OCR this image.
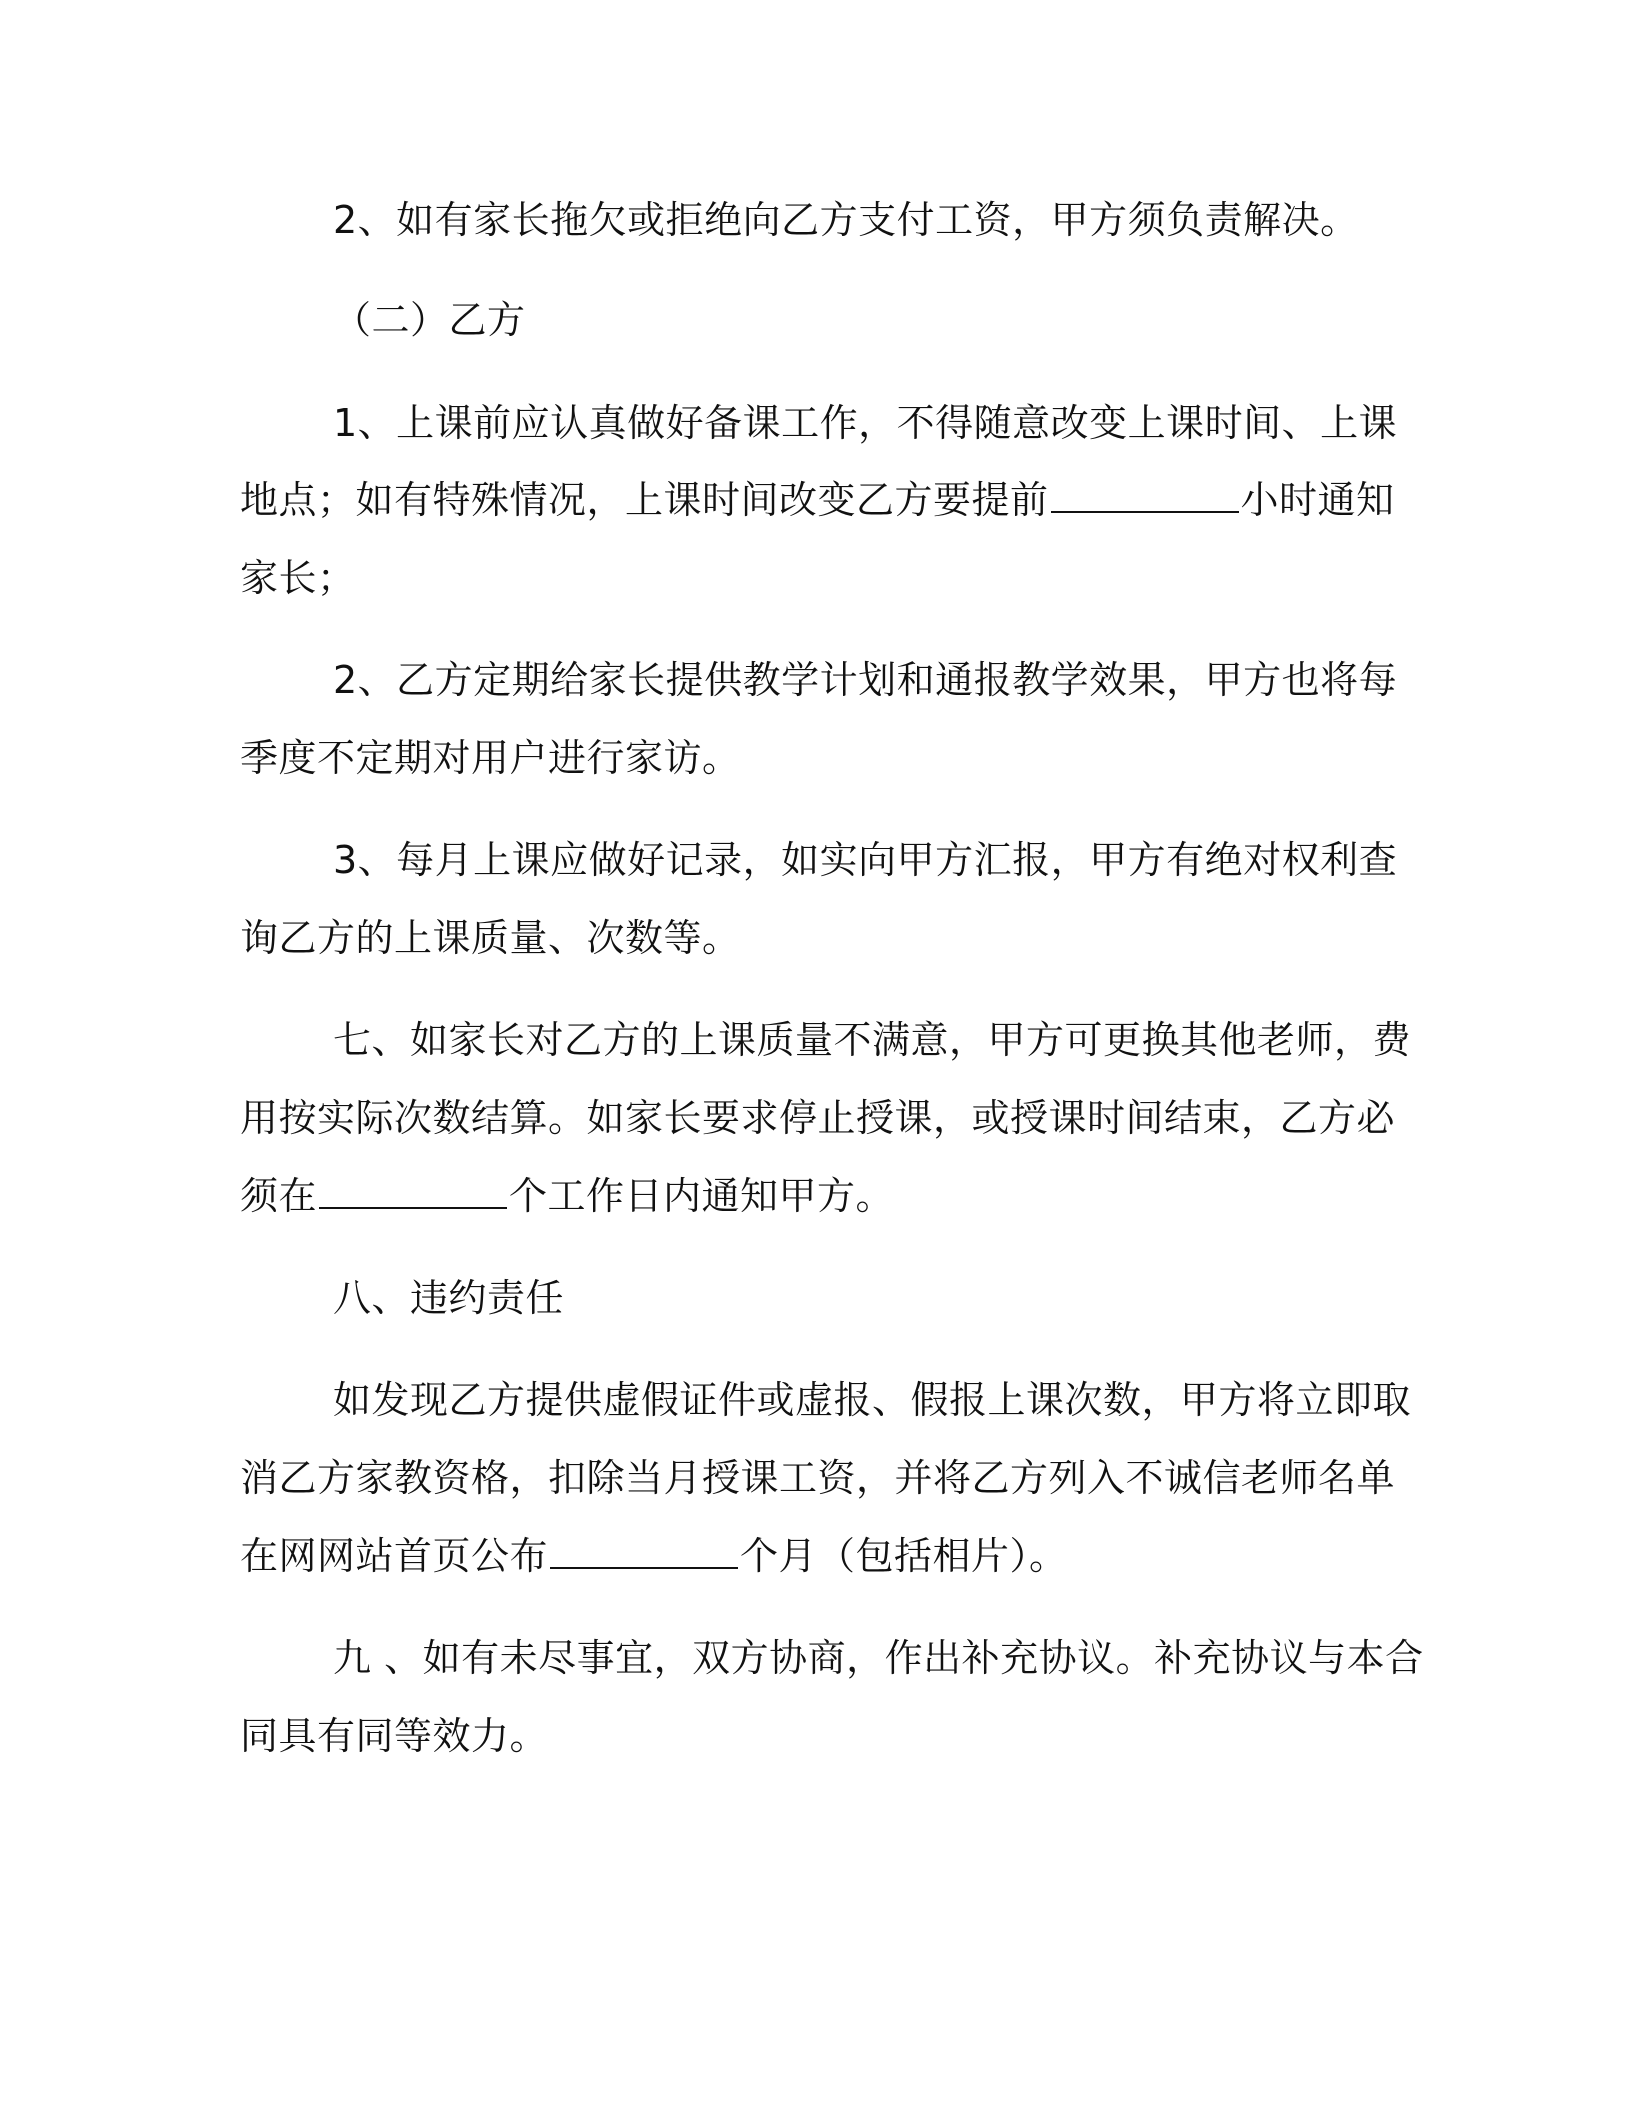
2、如有家长拖欠或拒绝向乙方支付工资，甲方须负责解决。
（二）乙方
1、上课前应认真做好备课工作，不得随意改变上课时间、上课
地点；如有特殊情况，上课时间改变乙方要提前	小时通知
家长；
2、乙方定期给家长提供教学计划和通报教学效果，甲方也将每
季度不定期对用户进行家访。
3、每月上课应做好记录，如实向甲方汇报，甲方有绝对权利查
询乙方的上课质量、次数等。
七、如家长对乙方的上课质量不满意，甲方可更换其他老师，费
用按实际次数结算。如家长要求停止授课，或授课时间结束，乙方必
须在	个工作日内通知甲方。
八、违约责任
如发现乙方提供虚假证件或虚报、假报上课次数，甲方将立即取
消乙方家教资格，扣除当月授课工资，并将乙方列入不诚信老师名单
在网网站首页公布	个月（包括相片）。
九 、如有未尽事宜，双方协商，作出补充协议。补充协议与本合
同具有同等效力。
